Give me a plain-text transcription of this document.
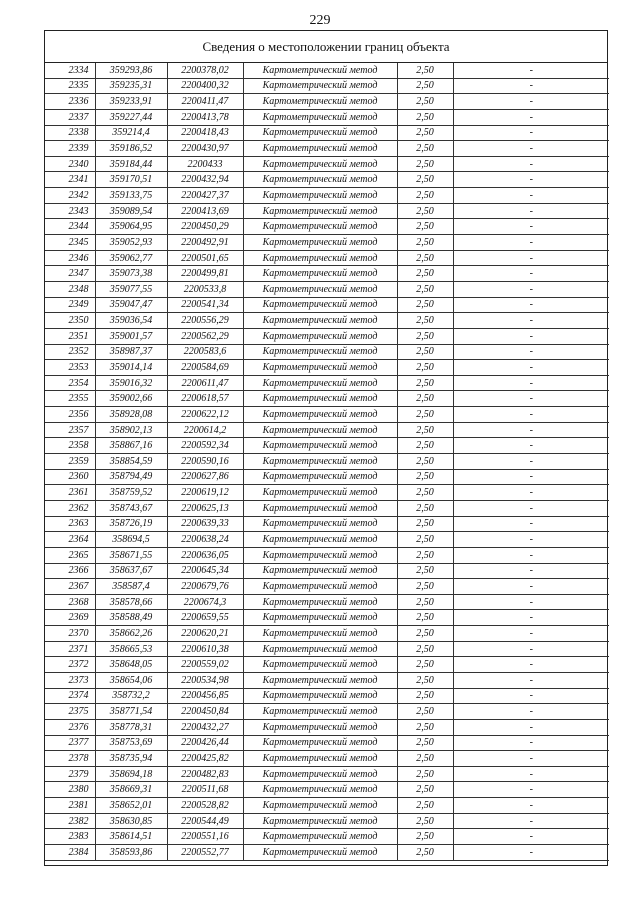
229
Сведения о местоположении границ объекта
2334	359293,86	2200378,02	Картометрический метод	2,50	-
2335	359235,31	2200400,32	Картометрический метод	2,50	-
2336	359233,91	2200411,47	Картометрический метод	2,50	-
2337	359227,44	2200413,78	Картометрический метод	2,50	-
2338	359214,4	2200418,43	Картометрический метод	2,50	-
2339	359186,52	2200430,97	Картометрический метод	2,50	-
2340	359184,44	2200433	Картометрический метод	2,50	-
2341	359170,51	2200432,94	Картометрический метод	2,50	-
2342	359133,75	2200427,37	Картометрический метод	2,50	-
2343	359089,54	2200413,69	Картометрический метод	2,50	-
2344	359064,95	2200450,29	Картометрический метод	2,50	-
2345	359052,93	2200492,91	Картометрический метод	2,50	-
2346	359062,77	2200501,65	Картометрический метод	2,50	-
2347	359073,38	2200499,81	Картометрический метод	2,50	-
2348	359077,55	2200533,8	Картометрический метод	2,50	-
2349	359047,47	2200541,34	Картометрический метод	2,50	-
2350	359036,54	2200556,29	Картометрический метод	2,50	-
2351	359001,57	2200562,29	Картометрический метод	2,50	-
2352	358987,37	2200583,6	Картометрический метод	2,50	-
2353	359014,14	2200584,69	Картометрический метод	2,50	-
2354	359016,32	2200611,47	Картометрический метод	2,50	-
2355	359002,66	2200618,57	Картометрический метод	2,50	-
2356	358928,08	2200622,12	Картометрический метод	2,50	-
2357	358902,13	2200614,2	Картометрический метод	2,50	-
2358	358867,16	2200592,34	Картометрический метод	2,50	-
2359	358854,59	2200590,16	Картометрический метод	2,50	-
2360	358794,49	2200627,86	Картометрический метод	2,50	-
2361	358759,52	2200619,12	Картометрический метод	2,50	-
2362	358743,67	2200625,13	Картометрический метод	2,50	-
2363	358726,19	2200639,33	Картометрический метод	2,50	-
2364	358694,5	2200638,24	Картометрический метод	2,50	-
2365	358671,55	2200636,05	Картометрический метод	2,50	-
2366	358637,67	2200645,34	Картометрический метод	2,50	-
2367	358587,4	2200679,76	Картометрический метод	2,50	-
2368	358578,66	2200674,3	Картометрический метод	2,50	-
2369	358588,49	2200659,55	Картометрический метод	2,50	-
2370	358662,26	2200620,21	Картометрический метод	2,50	-
2371	358665,53	2200610,38	Картометрический метод	2,50	-
2372	358648,05	2200559,02	Картометрический метод	2,50	-
2373	358654,06	2200534,98	Картометрический метод	2,50	-
2374	358732,2	2200456,85	Картометрический метод	2,50	-
2375	358771,54	2200450,84	Картометрический метод	2,50	-
2376	358778,31	2200432,27	Картометрический метод	2,50	-
2377	358753,69	2200426,44	Картометрический метод	2,50	-
2378	358735,94	2200425,82	Картометрический метод	2,50	-
2379	358694,18	2200482,83	Картометрический метод	2,50	-
2380	358669,31	2200511,68	Картометрический метод	2,50	-
2381	358652,01	2200528,82	Картометрический метод	2,50	-
2382	358630,85	2200544,49	Картометрический метод	2,50	-
2383	358614,51	2200551,16	Картометрический метод	2,50	-
2384	358593,86	2200552,77	Картометрический метод	2,50	-
